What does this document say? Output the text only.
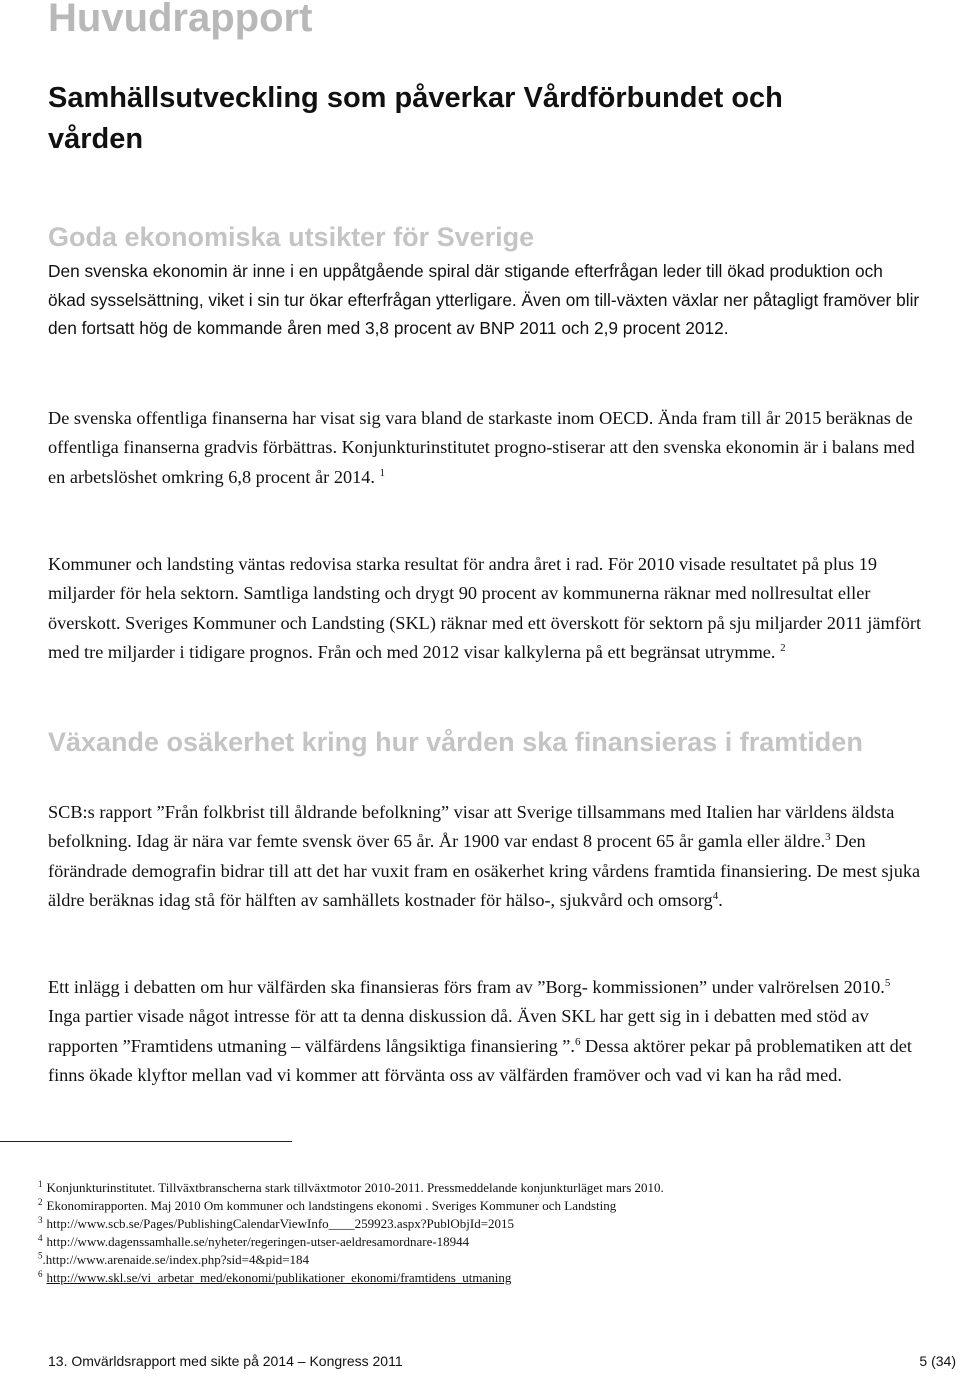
Huvudrapport
Samhällsutveckling som påverkar Vårdförbundet och vården
Goda ekonomiska utsikter för Sverige

Den svenska ekonomin är inne i en uppåtgående spiral där stigande efterfrågan leder till ökad produktion och ökad sysselsättning, viket i sin tur ökar efterfrågan ytterligare. Även om till-växten växlar ner påtagligt framöver blir den fortsatt hög de kommande åren med 3,8 procent av BNP 2011 och 2,9 procent 2012.

De svenska offentliga finanserna har visat sig vara bland de starkaste inom OECD. Ända fram till år 2015 beräknas de offentliga finanserna gradvis förbättras. Konjunkturinstitutet progno-stiserar att den svenska ekonomin är i balans med en arbetslöshet omkring 6,8 procent år 2014. $^1$

Kommuner och landsting väntas redovisa starka resultat för andra året i rad. För 2010 visade resultatet på plus 19 miljarder för hela sektorn. Samtliga landsting och drygt 90 procent av kommunerna räknar med nollresultat eller överskott. Sveriges Kommuner och Landsting (SKL) räknar med ett överskott för sektorn på sju miljarder 2011 jämfört med tre miljarder i tidigare prognos. Från och med 2012 visar kalkylerna på ett begränsat utrymme. $^2$

Växande osäkerhet kring hur vården ska finansieras i framtiden

SCB:s rapport ”Från folkbrist till åldrande befolkning” visar att Sverige tillsammans med Italien har världens äldsta befolkning. Idag är nära var femte svensk över 65 år. År 1900 var endast 8 procent 65 år gamla eller äldre.$^3$ Den förändrade demografin bidrar till att det har vuxit fram en osäkerhet kring vårdens framtida finansiering. De mest sjuka äldre beräknas idag stå för hälften av samhällets kostnader för hälso-, sjukvård och omsorg$^4$.

Ett inlägg i debatten om hur välfärden ska finansieras förs fram av ”Borg- kommissionen” under valrörelsen 2010.$^5$ Inga partier visade något intresse för att ta denna diskussion då. Även SKL har gett sig in i debatten med stöd av rapporten ”Framtidens utmaning – välfärdens långsiktiga finansiering ”.$^6$ Dessa aktörer pekar på problematiken att det finns ökade klyftor mellan vad vi kommer att förvänta oss av välfärden framöver och vad vi kan ha råd med.

$^1$ Konjunkturinstitutet. Tillväxtbranscherna stark tillväxtmotor 2010-2011. Pressmeddelande konjunkturläget mars 2010.
$^2$ Ekonomirapporten. Maj 2010 Om kommuner och landstingens ekonomi . Sveriges Kommuner och Landsting
$^3$ http://www.scb.se/Pages/PublishingCalendarViewInfo____259923.aspx?PublObjId=2015
$^4$ http://www.dagenssamhalle.se/nyheter/regeringen-utser-aeldresamordnare-18944
$^5$.http://www.arenaide.se/index.php?sid=4&pid=184
$^6$ http://www.skl.se/vi_arbetar_med/ekonomi/publikationer_ekonomi/framtidens_utmaning
13. Omvärldsrapport med sikte på 2014 – Kongress 2011	5 (34)
